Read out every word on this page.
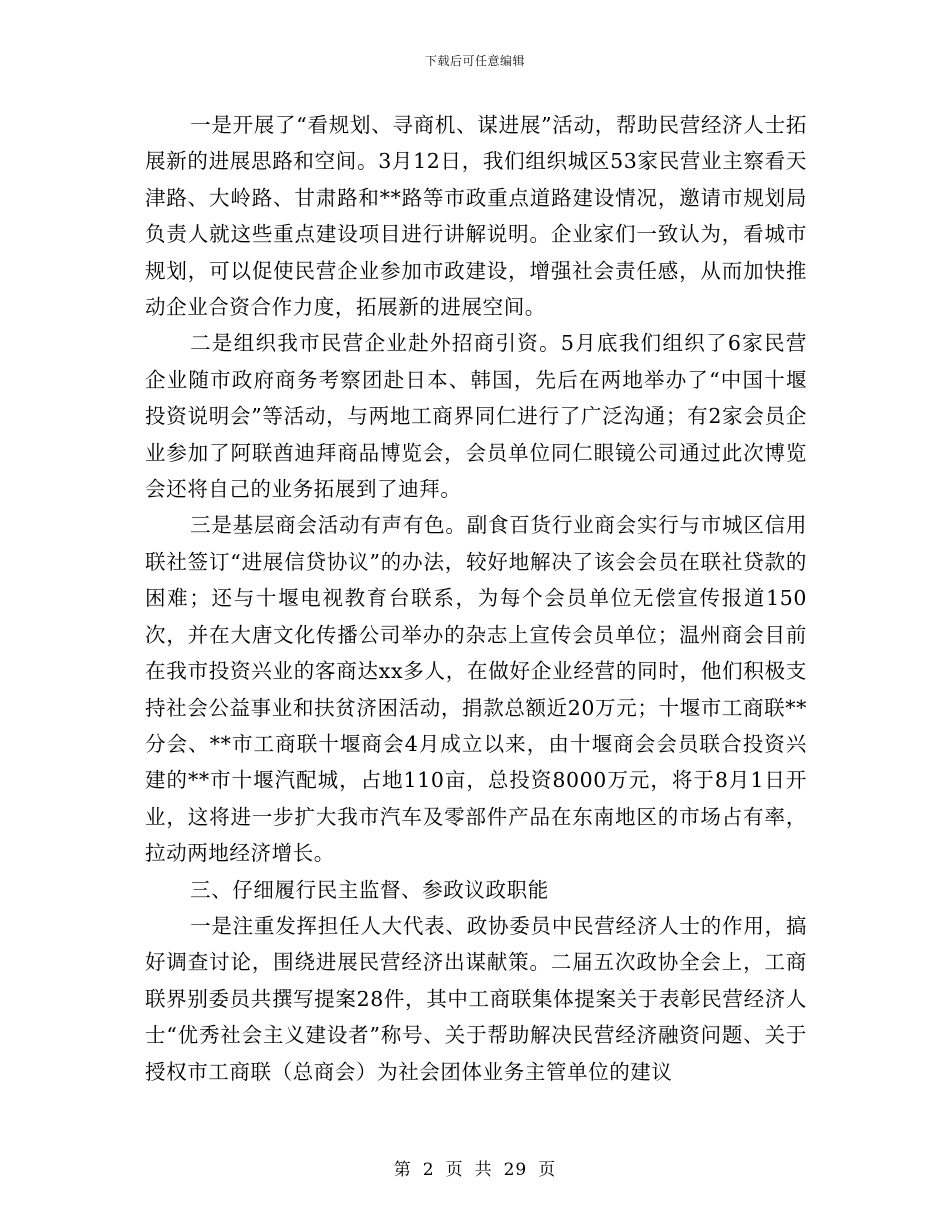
下载后可任意编辑

一是开展了“看规划、寻商机、谋进展”活动，帮助民营经济人士拓展新的进展思路和空间。3月12日，我们组织城区53家民营业主察看天津路、大岭路、甘肃路和**路等市政重点道路建设情况，邀请市规划局负责人就这些重点建设项目进行讲解说明。企业家们一致认为，看城市规划，可以促使民营企业参加市政建设，增强社会责任感，从而加快推动企业合资合作力度，拓展新的进展空间。

二是组织我市民营企业赴外招商引资。5月底我们组织了6家民营企业随市政府商务考察团赴日本、韩国，先后在两地举办了“中国十堰投资说明会”等活动，与两地工商界同仁进行了广泛沟通；有2家会员企业参加了阿联酋迪拜商品博览会，会员单位同仁眼镜公司通过此次博览会还将自己的业务拓展到了迪拜。

三是基层商会活动有声有色。副食百货行业商会实行与市城区信用联社签订“进展信贷协议”的办法，较好地解决了该会会员在联社贷款的困难；还与十堰电视教育台联系，为每个会员单位无偿宣传报道150次，并在大唐文化传播公司举办的杂志上宣传会员单位；温州商会目前在我市投资兴业的客商达xx多人，在做好企业经营的同时，他们积极支持社会公益事业和扶贫济困活动，捐款总额近20万元；十堰市工商联**分会、**市工商联十堰商会4月成立以来，由十堰商会会员联合投资兴建的**市十堰汽配城，占地110亩，总投资8000万元，将于8月1日开业，这将进一步扩大我市汽车及零部件产品在东南地区的市场占有率，拉动两地经济增长。

三、仔细履行民主监督、参政议政职能

一是注重发挥担任人大代表、政协委员中民营经济人士的作用，搞好调查讨论，围绕进展民营经济出谋献策。二届五次政协全会上，工商联界别委员共撰写提案28件，其中工商联集体提案关于表彰民营经济人士“优秀社会主义建设者”称号、关于帮助解决民营经济融资问题、关于授权市工商联（总商会）为社会团体业务主管单位的建议

第 2 页 共 29 页
